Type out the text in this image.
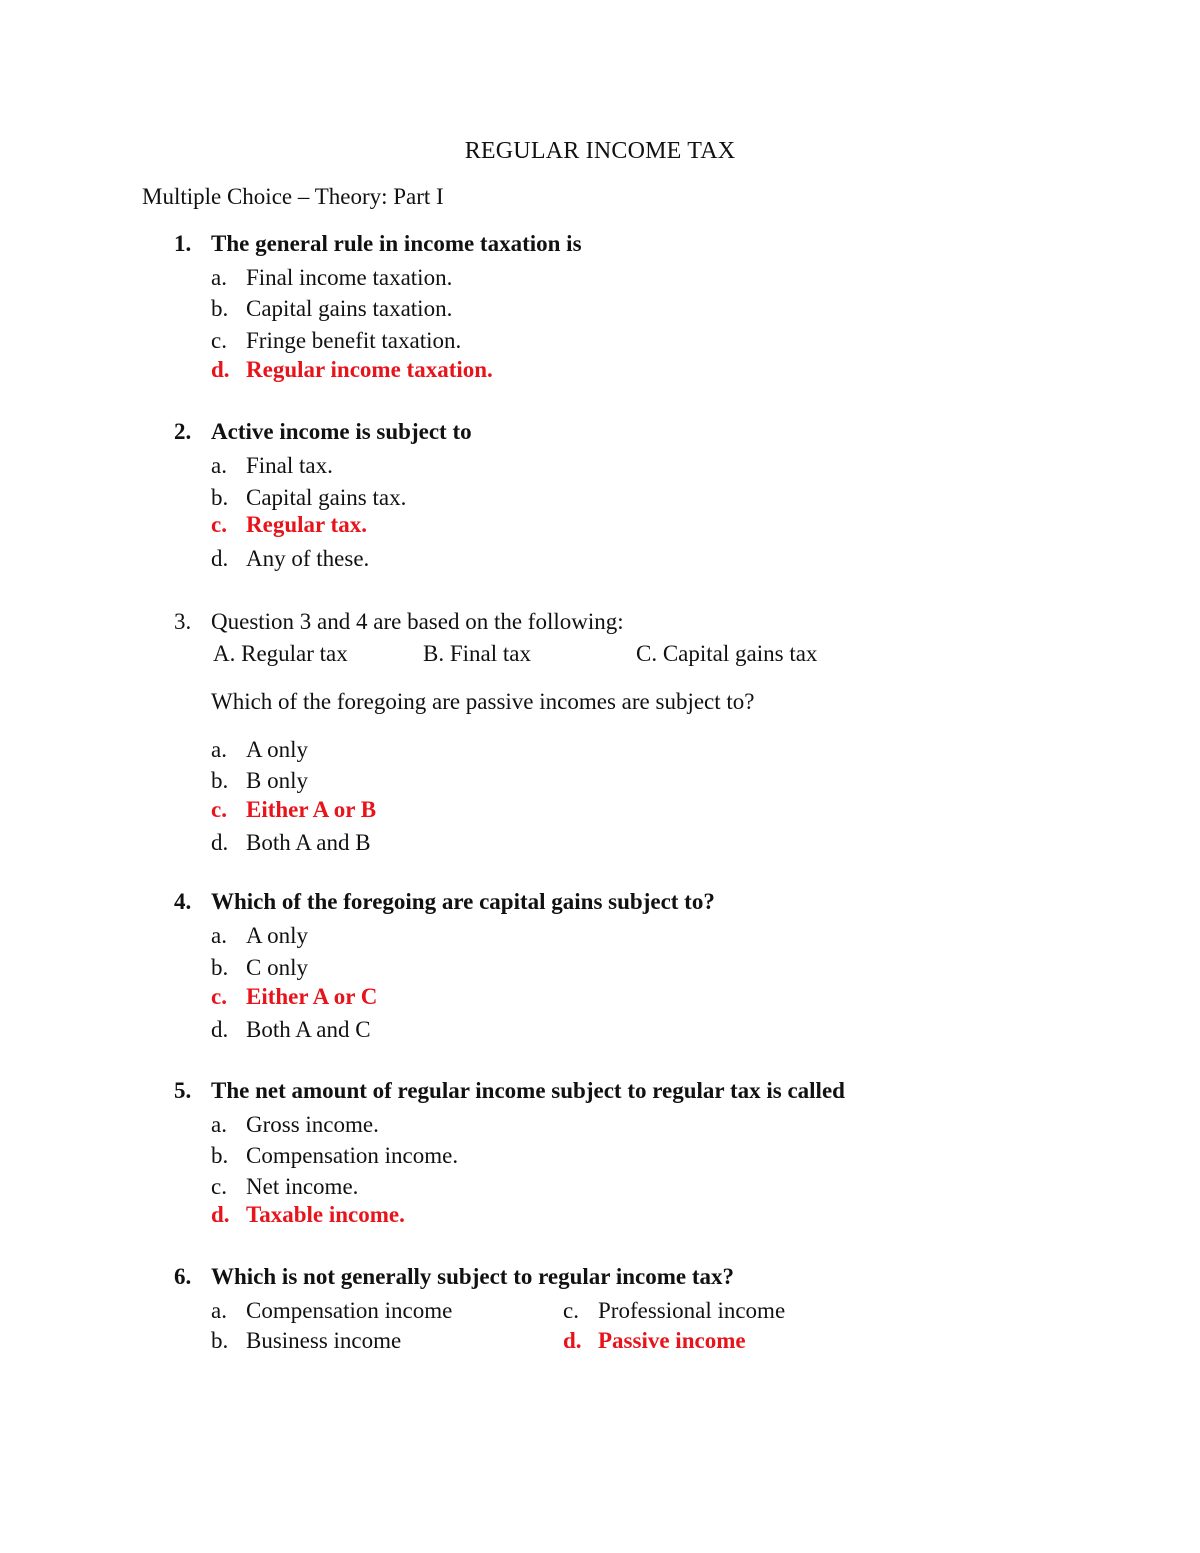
REGULAR INCOME TAX
Multiple Choice – Theory: Part I
1. The general rule in income taxation is
a. Final income taxation.
b. Capital gains taxation.
c. Fringe benefit taxation.
d. Regular income taxation.
2. Active income is subject to
a. Final tax.
b. Capital gains tax.
c. Regular tax.
d. Any of these.
3. Question 3 and 4 are based on the following:
A. Regular tax	B. Final tax	C. Capital gains tax
Which of the foregoing are passive incomes are subject to?
a. A only
b. B only
c. Either A or B
d. Both A and B
4. Which of the foregoing are capital gains subject to?
a. A only
b. C only
c. Either A or C
d. Both A and C
5. The net amount of regular income subject to regular tax is called
a. Gross income.
b. Compensation income.
c. Net income.
d. Taxable income.
6. Which is not generally subject to regular income tax?
a. Compensation income
b. Business income
c. Professional income
d. Passive income
